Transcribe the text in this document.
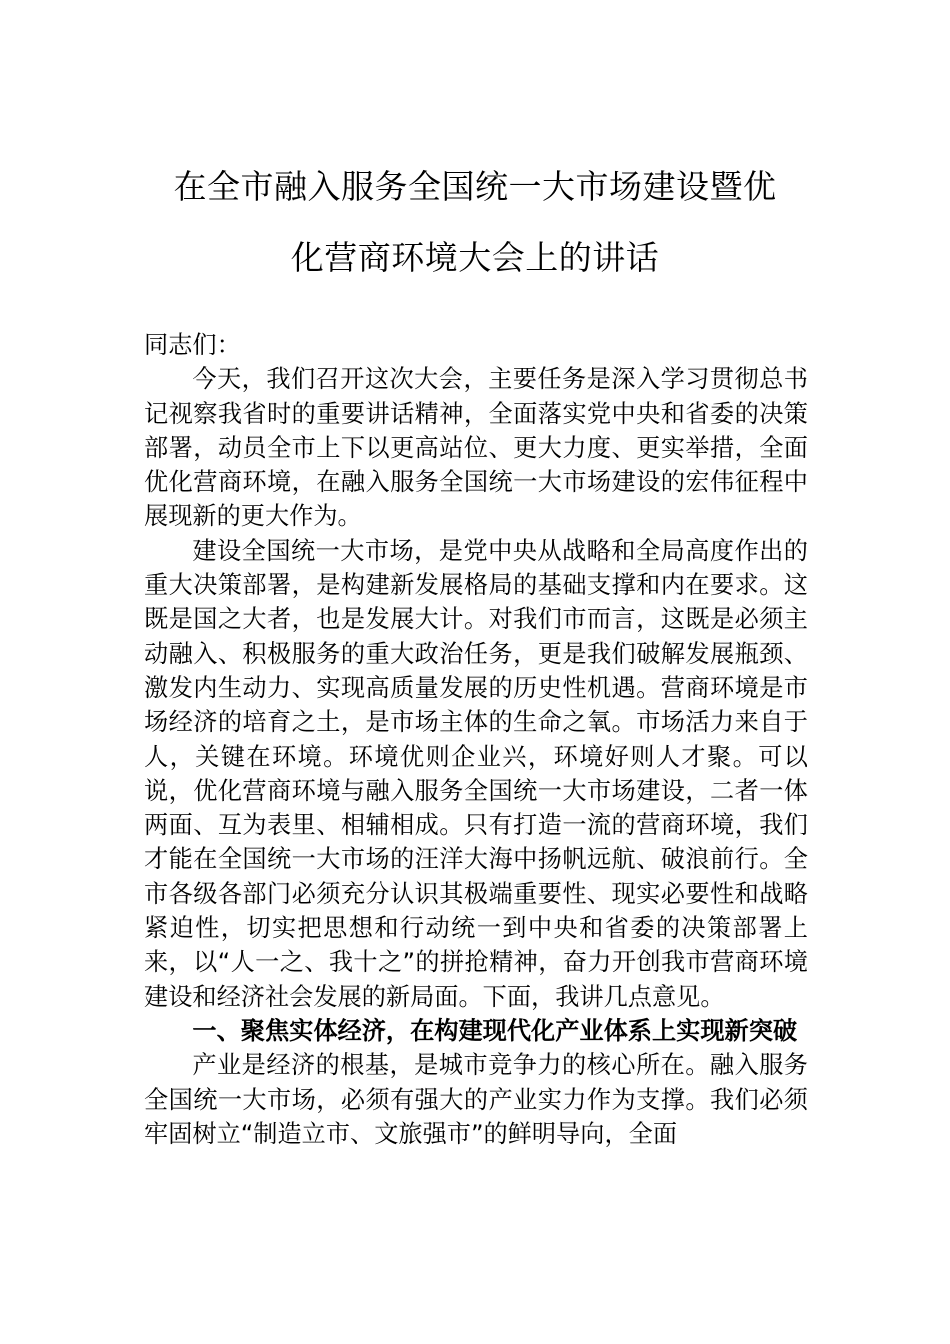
在全市融入服务全国统一大市场建设暨优
化营商环境大会上的讲话

同志们：

今天，我们召开这次大会，主要任务是深入学习贯彻总书记视察我省时的重要讲话精神，全面落实党中央和省委的决策部署，动员全市上下以更高站位、更大力度、更实举措，全面优化营商环境，在融入服务全国统一大市场建设的宏伟征程中展现新的更大作为。

建设全国统一大市场，是党中央从战略和全局高度作出的重大决策部署，是构建新发展格局的基础支撑和内在要求。这既是国之大者，也是发展大计。对我们市而言，这既是必须主动融入、积极服务的重大政治任务，更是我们破解发展瓶颈、激发内生动力、实现高质量发展的历史性机遇。营商环境是市场经济的培育之土，是市场主体的生命之氧。市场活力来自于人，关键在环境。环境优则企业兴，环境好则人才聚。可以说，优化营商环境与融入服务全国统一大市场建设，二者一体两面、互为表里、相辅相成。只有打造一流的营商环境，我们才能在全国统一大市场的汪洋大海中扬帆远航、破浪前行。全市各级各部门必须充分认识其极端重要性、现实必要性和战略紧迫性，切实把思想和行动统一到中央和省委的决策部署上来，以“人一之、我十之”的拼抢精神，奋力开创我市营商环境建设和经济社会发展的新局面。下面，我讲几点意见。

一、聚焦实体经济，在构建现代化产业体系上实现新突破

产业是经济的根基，是城市竞争力的核心所在。融入服务全国统一大市场，必须有强大的产业实力作为支撑。我们必须牢固树立“制造立市、文旅强市”的鲜明导向，全面
